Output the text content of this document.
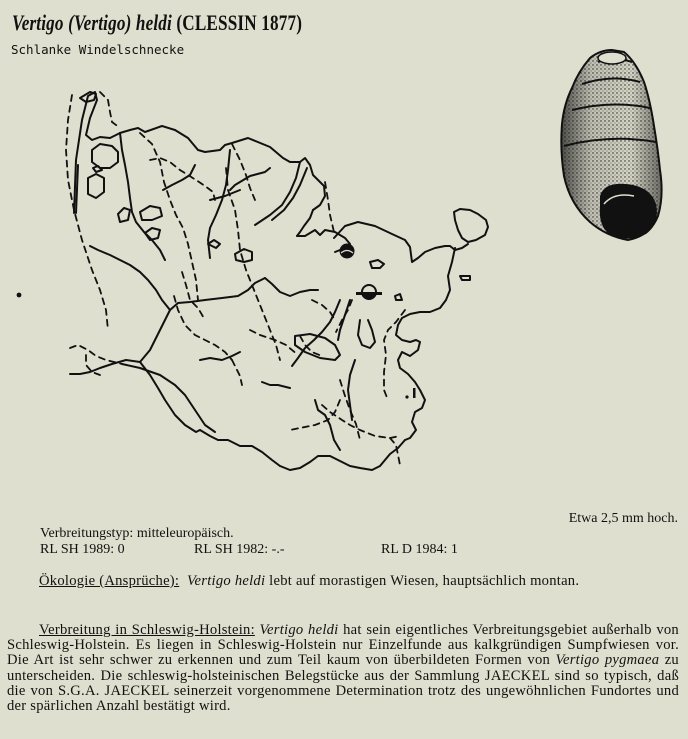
Vertigo (Vertigo) heldi (CLESSIN 1877)
Schlanke Windelschnecke
Etwa 2,5 mm hoch.
Verbreitungstyp: mitteleuropäisch.
RL SH 1989: 0	RL SH 1982: -.-	RL D 1984: 1
Ökologie (Ansprüche): Vertigo heldi lebt auf morastigen Wiesen, hauptsächlich montan.
Verbreitung in Schleswig-Holstein: Vertigo heldi hat sein eigentliches Verbreitungsgebiet außerhalb von Schleswig-Holstein. Es liegen in Schleswig-Holstein nur Einzelfunde aus kalkgründigen Sumpfwiesen vor. Die Art ist sehr schwer zu erkennen und zum Teil kaum von überbildeten Formen von Vertigo pygmaea zu unterscheiden. Die schleswig-holsteinischen Belegstücke aus der Sammlung JAECKEL sind so typisch, daß die von S.G.A. JAECKEL seinerzeit vorgenommene Determination trotz des ungewöhnlichen Fundortes und der spärlichen Anzahl bestätigt wird.
